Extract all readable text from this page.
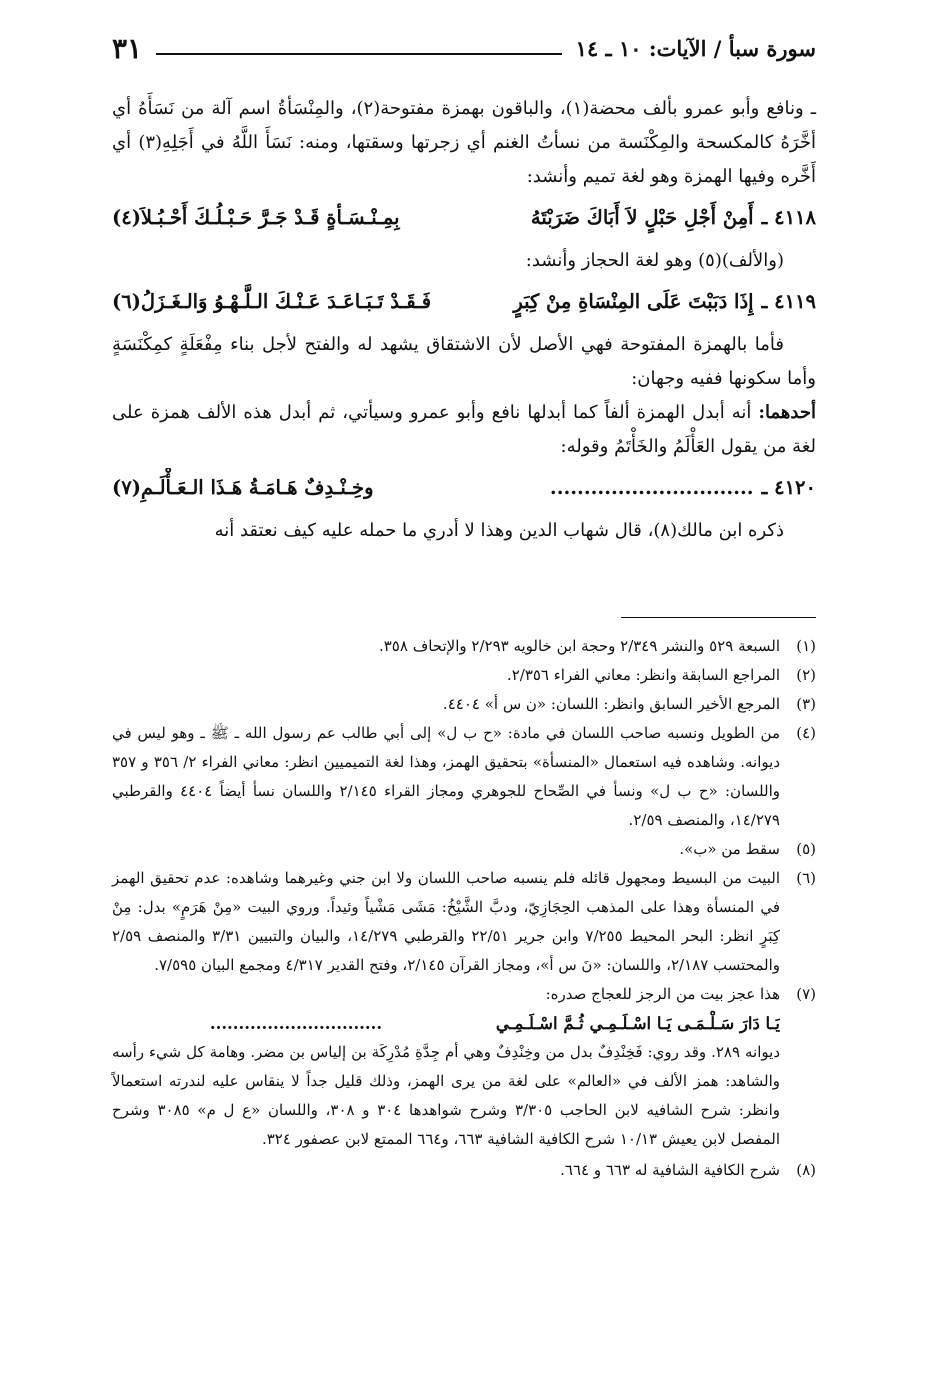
سورة سبأ / الآيات: ١٠ ـ ١٤
٣١

ـ ونافع وأبو عمرو بألف محضة(١)، والباقون بهمزة مفتوحة(٢)، والمِنْسَأةُ اسم آلة من نَسَأَهُ أي أخَّرَهُ كالمكسحة والمِكْنَسة من نسأتُ الغنم أي زجرتها وسقتها، ومنه: نَسَأَ اللَّهُ في أَجَلِهِ(٣) أي أَخَّره وفيها الهمزة وهو لغة تميم وأنشد:

٤١١٨ ـ
أَمِنْ أَجْلِ حَبْلٍ لاَ أَبَاكَ ضَرَبْتَهُ
بِمِـنْـسَـأةٍ قَـدْ جَـرَّ حَـبْـلُـكَ أَحْـبُـلاَ(٤)

(والألف)(٥) وهو لغة الحجاز وأنشد:

٤١١٩ ـ
إِذَا دَبَبْتَ عَلَى المِنْسَاةِ مِنْ كِبَرٍ
فَـقَـدْ تَـبَـاعَـدَ عَـنْـكَ الـلَّـهْـوُ وَالـغَـزَلُ(٦)

فأما بالهمزة المفتوحة فهي الأصل لأن الاشتقاق يشهد له والفتح لأجل بناء مِفْعَلَةٍ كمِكْنَسَةٍ وأما سكونها ففيه وجهان:

أحدهما: أنه أبدل الهمزة ألفاً كما أبدلها نافع وأبو عمرو وسيأتي، ثم أبدل هذه الألف همزة على لغة من يقول العَأْلَمُ والخَأْتَمُ وقوله:

٤١٢٠ ـ
..............................
وخِـنْـدِفٌ هَـامَـةُ هَـذَا الـعَـأْلَـمِ(٧)

ذكره ابن مالك(٨)، قال شهاب الدين وهذا لا أدري ما حمله عليه كيف نعتقد أنه

(١)

السبعة ٥٢٩ والنشر ٢/٣٤٩ وحجة ابن خالويه ٢/٢٩٣ والإتحاف ٣٥٨.

(٢)

المراجع السابقة وانظر: معاني الفراء ٢/٣٥٦.

(٣)

المرجع الأخير السابق وانظر: اللسان: «ن س أ» ٤٤٠٤.

(٤)

من الطويل ونسبه صاحب اللسان في مادة: «ح ب ل» إلى أبي طالب عم رسول الله ـ ﷺ ـ وهو ليس في ديوانه. وشاهده فيه استعمال «المنسأة» بتحقيق الهمز، وهذا لغة التميميين انظر: معاني الفراء ٢/ ٣٥٦ و ٣٥٧ واللسان: «ح ب ل» ونسأ في الصِّحاح للجوهري ومجاز القراء ٢/١٤٥ واللسان نسأ أيضاً ٤٤٠٤ والقرطبي ١٤/٢٧٩، والمنصف ٢/٥٩.

(٥)

سقط من «ب».

(٦)

البيت من البسيط ومجهول قائله فلم ينسبه صاحب اللسان ولا ابن جني وغيرهما وشاهده: عدم تحقيق الهمز في المنسأة وهذا على المذهب الحِجَازِيّ، ودبَّ الشَّيْخُ: مَشَى مَشْياً وئيداً. وروي البيت «مِنْ هَرَمٍ» بدل: مِنْ كِبَرٍ انظر: البحر المحيط ٧/٢٥٥ وابن جرير ٢٢/٥١ والقرطبي ١٤/٢٧٩، والبيان والتبيين ٣/٣١ والمنصف ٢/٥٩ والمحتسب ٢/١٨٧، واللسان: «نَ س أ»، ومجاز القرآن ٢/١٤٥، وفتح القدير ٤/٣١٧ ومجمع البيان ٧/٥٩٥.

(٧)

هذا عجز بيت من الرجز للعجاج صدره:

يَـا دَارَ سَـلْـمَـى يَـا اسْـلَـمِـي ثُـمَّ اسْـلَـمِـي
..............................

ديوانه ٢٨٩. وقد روي: فَخِنْدِفٌ بدل من وخِنْدِفٌ وهي أم جِدَّةِ مُدْرِكَة بن إلياس بن مضر. وهامة كل شيء رأسه والشاهد: همز الألف في «العالم» على لغة من يرى الهمز، وذلك قليل جداً لا ينقاس عليه لندرته استعمالاً وانظر: شرح الشافيه لابن الحاجب ٣/٣٠٥ وشرح شواهدها ٣٠٤ و ٣٠٨، واللسان «ع ل م» ٣٠٨٥ وشرح المفصل لابن يعيش ١٠/١٣ شرح الكافية الشافية ٦٦٣، و٦٦٤ الممتع لابن عصفور ٣٢٤.

(٨)

شرح الكافية الشافية له ٦٦٣ و ٦٦٤.
